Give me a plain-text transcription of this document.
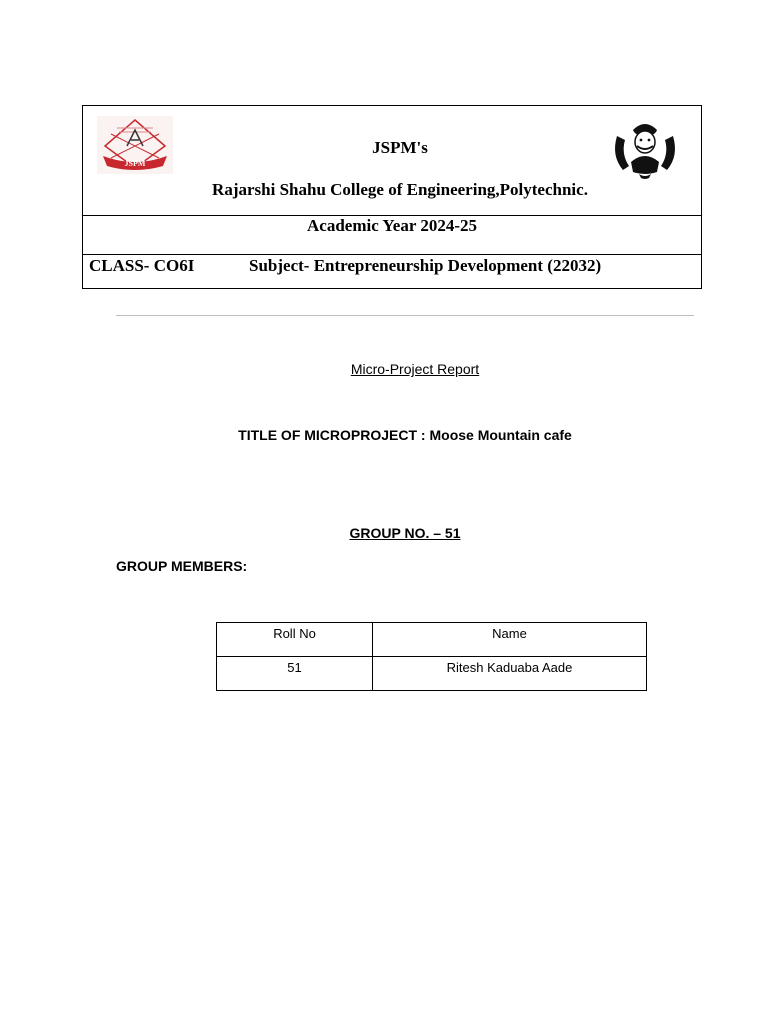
JSPM
JSPM's
Rajarshi Shahu College of Engineering,Polytechnic.
Academic Year 2024-25
CLASS- CO6I	Subject- Entrepreneurship Development (22032)
Micro-Project Report
TITLE OF MICROPROJECT : Moose Mountain cafe
GROUP NO. – 51
GROUP MEMBERS:
Roll No	Name
51	Ritesh Kaduaba Aade
